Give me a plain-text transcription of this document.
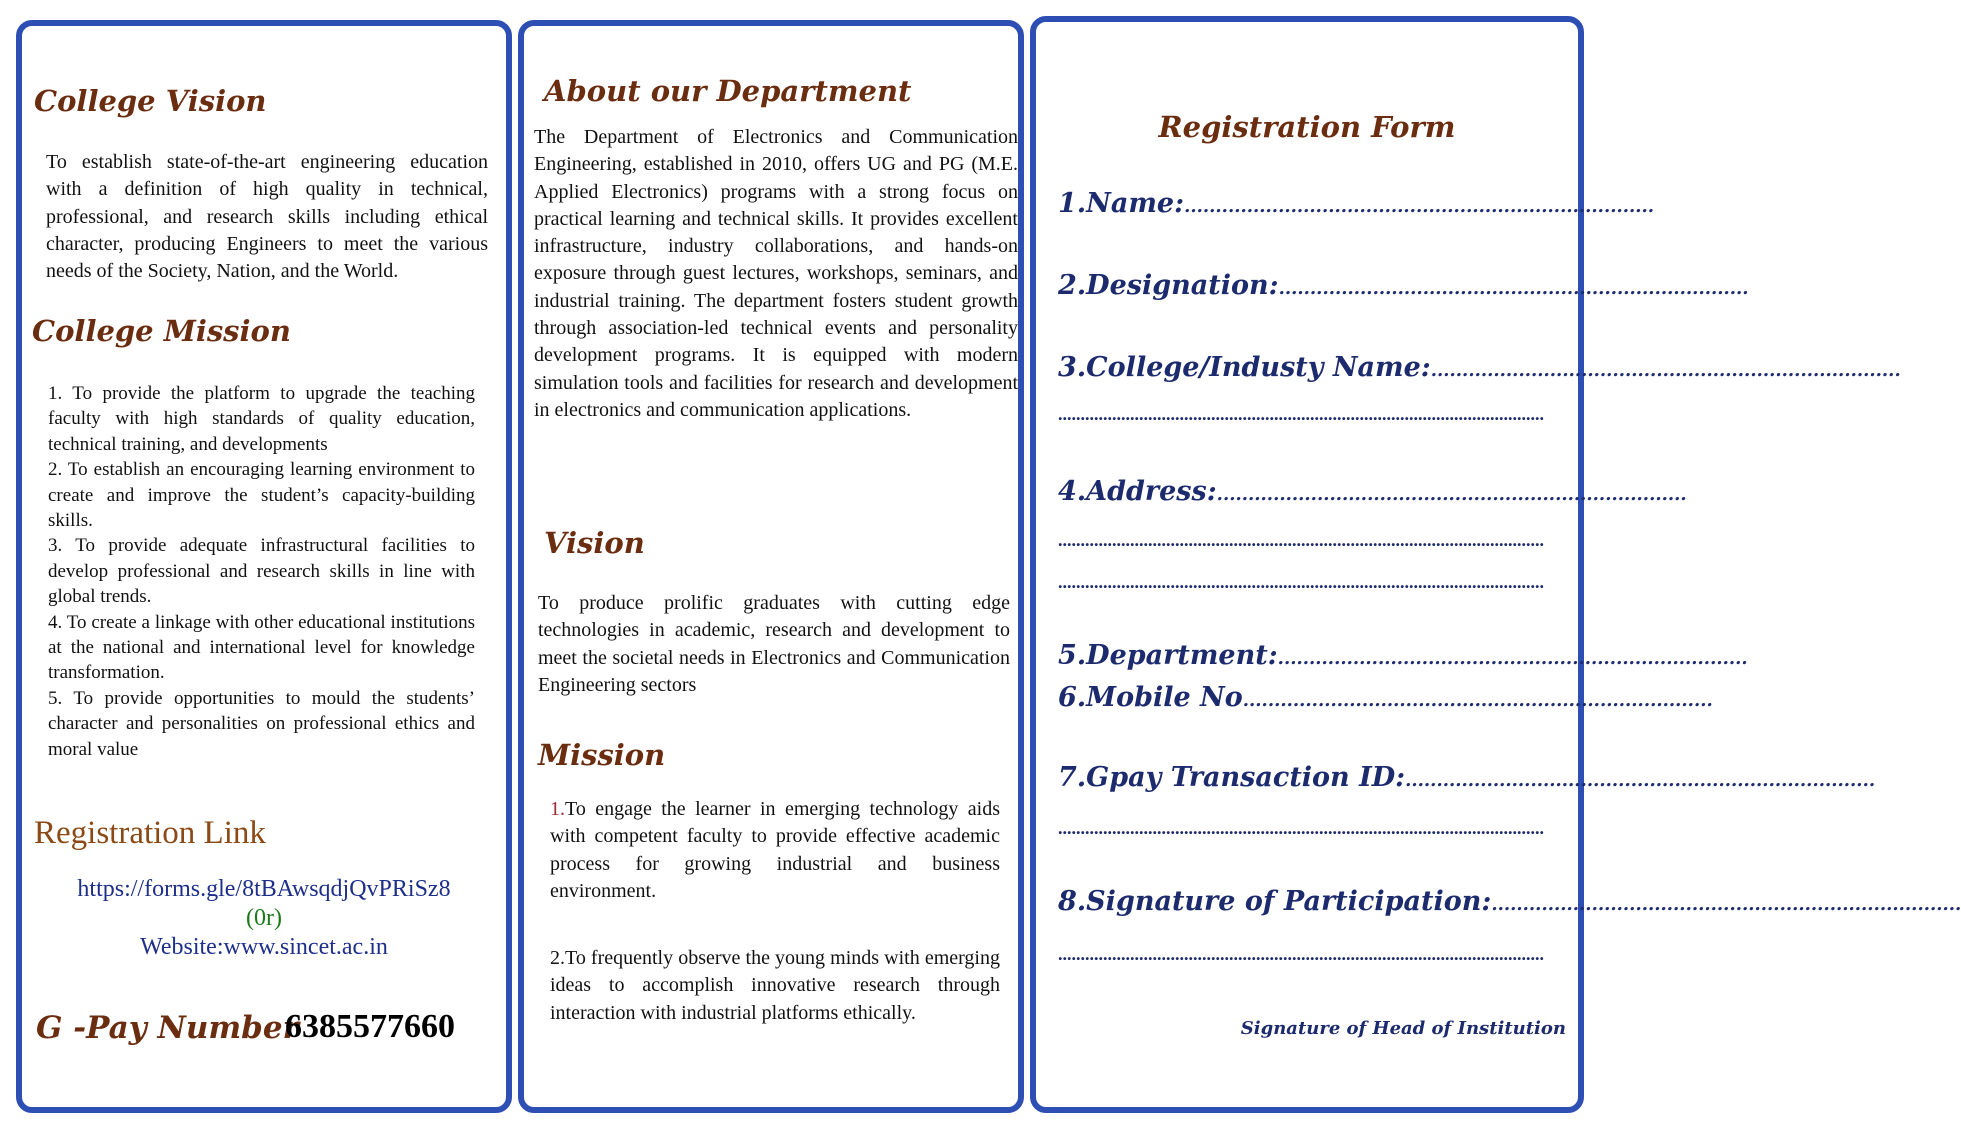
College Vision
To establish state-of-the-art engineering education with a definition of high quality in technical, professional, and research skills including ethical character, producing Engineers to meet the various needs of the Society, Nation, and the World.
College Mission
1. To provide the platform to upgrade the teaching faculty with high standards of quality education, technical training, and developments
2. To establish an encouraging learning environment to create and improve the student’s capacity-building skills.
3. To provide adequate infrastructural facilities to develop professional and research skills in line with global trends.
4. To create a linkage with other educational institutions at the national and international level for knowledge transformation.
5. To provide opportunities to mould the students’ character and personalities on professional ethics and moral value
Registration Link
https://forms.gle/8tBAwsqdjQvPRiSz8
(0r)
Website:www.sincet.ac.in
G -Pay Number
6385577660
About our Department
The Department of Electronics and Communication Engineering, established in 2010, offers UG and PG (M.E. Applied Electronics) programs with a strong focus on practical learning and technical skills. It provides excellent infrastructure, industry collaborations, and hands-on exposure through guest lectures, workshops, seminars, and industrial training. The department fosters student growth through association-led technical events and personality development programs. It is equipped with modern simulation tools and facilities for research and development in electronics and communication applications.
Vision
To produce prolific graduates with cutting edge technologies in academic, research and development to meet the societal needs in Electronics and Communication Engineering sectors
Mission
1.To engage the learner in emerging technology aids with competent faculty to provide effective academic process for growing industrial and business environment.
2.To frequently observe the young minds with emerging ideas to accomplish innovative research through interaction with industrial platforms ethically.
Registration Form
1.Name:...........................................................................
2.Designation:...........................................................................
3.College/Industy Name:...........................................................................
............................................................................................................
4.Address:...........................................................................
............................................................................................................
............................................................................................................
5.Department:...........................................................................
6.Mobile No...........................................................................
7.Gpay Transaction ID:...........................................................................
............................................................................................................
8.Signature of Participation:...........................................................................
............................................................................................................
Signature of Head of Institution
